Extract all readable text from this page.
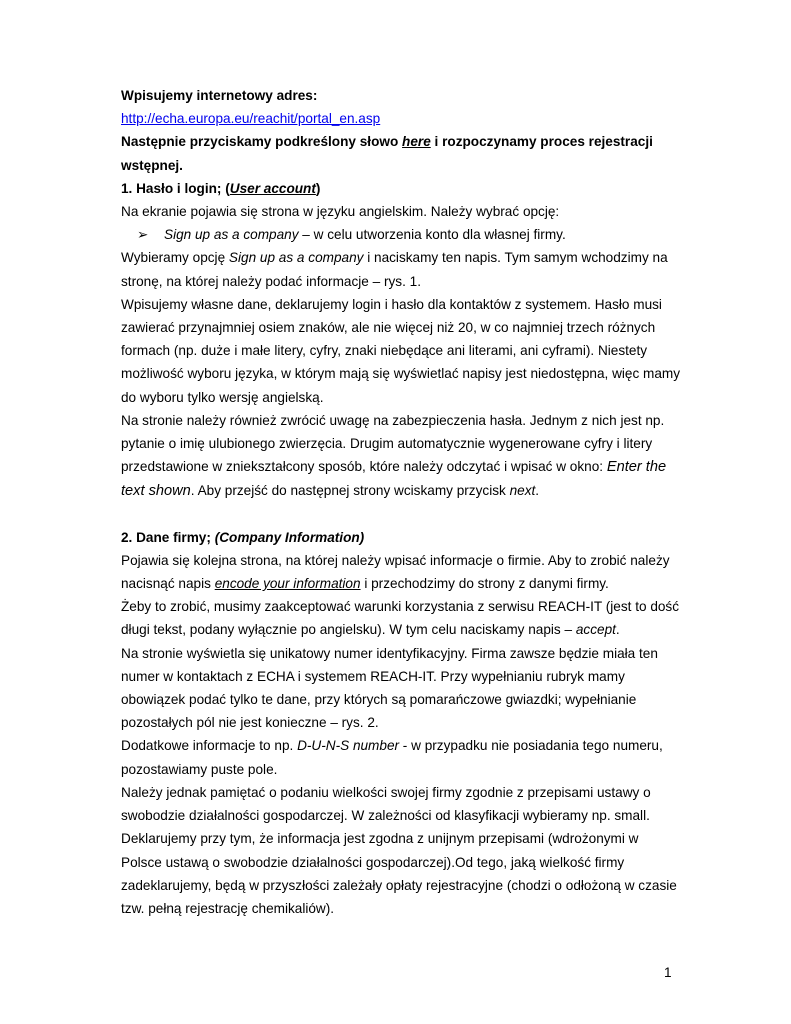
Wpisujemy internetowy adres:
http://echa.europa.eu/reachit/portal_en.asp
Następnie przyciskamy podkreślony słowo here i rozpoczynamy proces rejestracji
wstępnej.
1. Hasło i login; (User account)
Na ekranie pojawia się strona w języku angielskim. Należy wybrać opcję:
➢ Sign up as a company – w celu utworzenia konto dla własnej firmy.
Wybieramy opcję Sign up as a company i naciskamy ten napis. Tym samym wchodzimy na
stronę, na której należy podać informacje – rys. 1.
Wpisujemy własne dane, deklarujemy login i hasło dla kontaktów z systemem. Hasło musi
zawierać przynajmniej osiem znaków, ale nie więcej niż 20, w co najmniej trzech różnych
formach (np. duże i małe litery, cyfry, znaki niebędące ani literami, ani cyframi). Niestety
możliwość wyboru języka, w którym mają się wyświetlać napisy jest niedostępna, więc mamy
do wyboru tylko wersję angielską.
Na stronie należy również zwrócić uwagę na zabezpieczenia hasła. Jednym z nich jest np.
pytanie o imię ulubionego zwierzęcia. Drugim automatycznie wygenerowane cyfry i litery
przedstawione w zniekształcony sposób, które należy odczytać i wpisać w okno: Enter the
text shown. Aby przejść do następnej strony wciskamy przycisk next.
2. Dane firmy; (Company Information)
Pojawia się kolejna strona, na której należy wpisać informacje o firmie. Aby to zrobić należy
nacisnąć napis encode your information i przechodzimy do strony z danymi firmy.
Żeby to zrobić, musimy zaakceptować warunki korzystania z serwisu REACH-IT (jest to dość
długi tekst, podany wyłącznie po angielsku). W tym celu naciskamy napis – accept.
Na stronie wyświetla się unikatowy numer identyfikacyjny. Firma zawsze będzie miała ten
numer w kontaktach z ECHA i systemem REACH-IT. Przy wypełnianiu rubryk mamy
obowiązek podać tylko te dane, przy których są pomarańczowe gwiazdki; wypełnianie
pozostałych pól nie jest konieczne – rys. 2.
Dodatkowe informacje to np. D-U-N-S number - w przypadku nie posiadania tego numeru,
pozostawiamy puste pole.
Należy jednak pamiętać o podaniu wielkości swojej firmy zgodnie z przepisami ustawy o
swobodzie działalności gospodarczej. W zależności od klasyfikacji wybieramy np. small.
Deklarujemy przy tym, że informacja jest zgodna z unijnym przepisami (wdrożonymi w
Polsce ustawą o swobodzie działalności gospodarczej).Od tego, jaką wielkość firmy
zadeklarujemy, będą w przyszłości zależały opłaty rejestracyjne (chodzi o odłożoną w czasie
tzw. pełną rejestrację chemikaliów).
1
